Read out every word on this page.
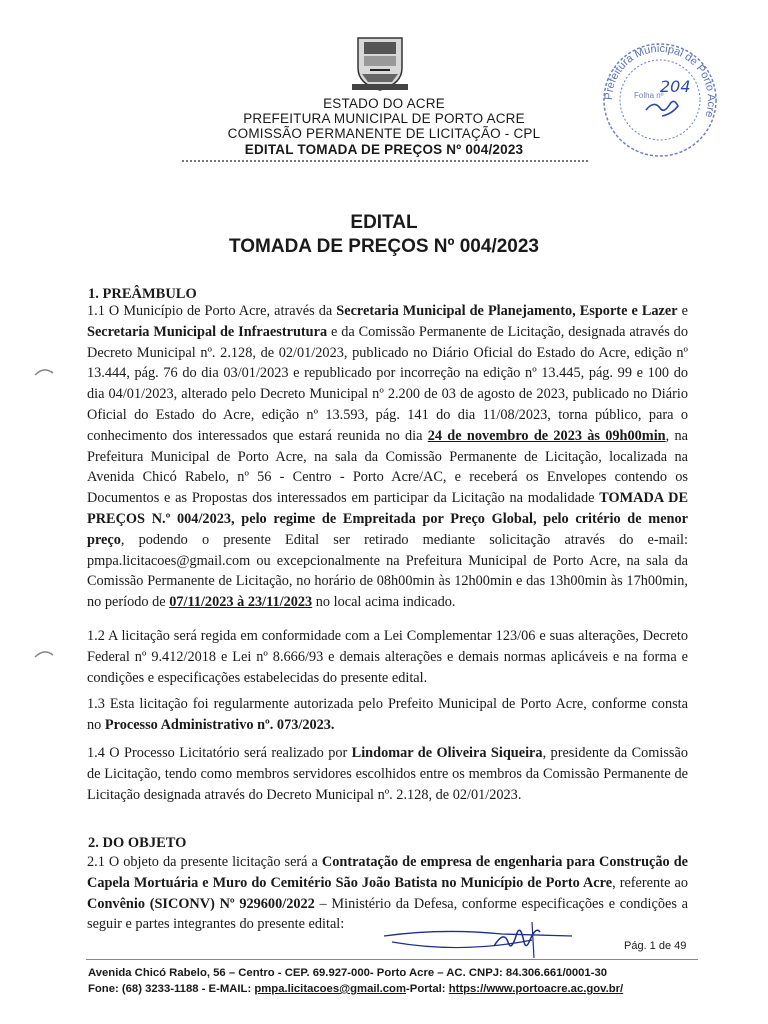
ESTADO DO ACRE
PREFEITURA MUNICIPAL DE PORTO ACRE
COMISSÃO PERMANENTE DE LICITAÇÃO - CPL
EDITAL TOMADA DE PREÇOS Nº 004/2023
Prefeitura Municipal de Porto Acre
Folha nº
204
EDITAL
TOMADA DE PREÇOS Nº 004/2023
1. PREÂMBULO
1.1 O Município de Porto Acre, através da Secretaria Municipal de Planejamento, Esporte e Lazer e Secretaria Municipal de Infraestrutura e da Comissão Permanente de Licitação, designada através do Decreto Municipal nº. 2.128, de 02/01/2023, publicado no Diário Oficial do Estado do Acre, edição nº 13.444, pág. 76 do dia 03/01/2023 e republicado por incorreção na edição nº 13.445, pág. 99 e 100 do dia 04/01/2023, alterado pelo Decreto Municipal nº 2.200 de 03 de agosto de 2023, publicado no Diário Oficial do Estado do Acre, edição nº 13.593, pág. 141 do dia 11/08/2023, torna público, para o conhecimento dos interessados que estará reunida no dia 24 de novembro de 2023 às 09h00min, na Prefeitura Municipal de Porto Acre, na sala da Comissão Permanente de Licitação, localizada na Avenida Chicó Rabelo, nº 56 - Centro - Porto Acre/AC, e receberá os Envelopes contendo os Documentos e as Propostas dos interessados em participar da Licitação na modalidade TOMADA DE PREÇOS N.º 004/2023, pelo regime de Empreitada por Preço Global, pelo critério de menor preço, podendo o presente Edital ser retirado mediante solicitação através do e-mail: pmpa.licitacoes@gmail.com ou excepcionalmente na Prefeitura Municipal de Porto Acre, na sala da Comissão Permanente de Licitação, no horário de 08h00min às 12h00min e das 13h00min às 17h00min, no período de 07/11/2023 à 23/11/2023 no local acima indicado.
1.2 A licitação será regida em conformidade com a Lei Complementar 123/06 e suas alterações, Decreto Federal nº 9.412/2018 e Lei nº 8.666/93 e demais alterações e demais normas aplicáveis e na forma e condições e especificações estabelecidas do presente edital.
1.3 Esta licitação foi regularmente autorizada pelo Prefeito Municipal de Porto Acre, conforme consta no Processo Administrativo nº. 073/2023.
1.4 O Processo Licitatório será realizado por Lindomar de Oliveira Siqueira, presidente da Comissão de Licitação, tendo como membros servidores escolhidos entre os membros da Comissão Permanente de Licitação designada através do Decreto Municipal nº. 2.128, de 02/01/2023.
2. DO OBJETO
2.1 O objeto da presente licitação será a Contratação de empresa de engenharia para Construção de Capela Mortuária e Muro do Cemitério São João Batista no Município de Porto Acre, referente ao Convênio (SICONV) Nº 929600/2022 – Ministério da Defesa, conforme especificações e condições a seguir e partes integrantes do presente edital:
Pág. 1 de 49
Avenida Chicó Rabelo, 56 – Centro - CEP. 69.927-000- Porto Acre – AC. CNPJ: 84.306.661/0001-30
Fone: (68) 3233-1188 - E-MAIL: pmpa.licitacoes@gmail.com-Portal: https://www.portoacre.ac.gov.br/
